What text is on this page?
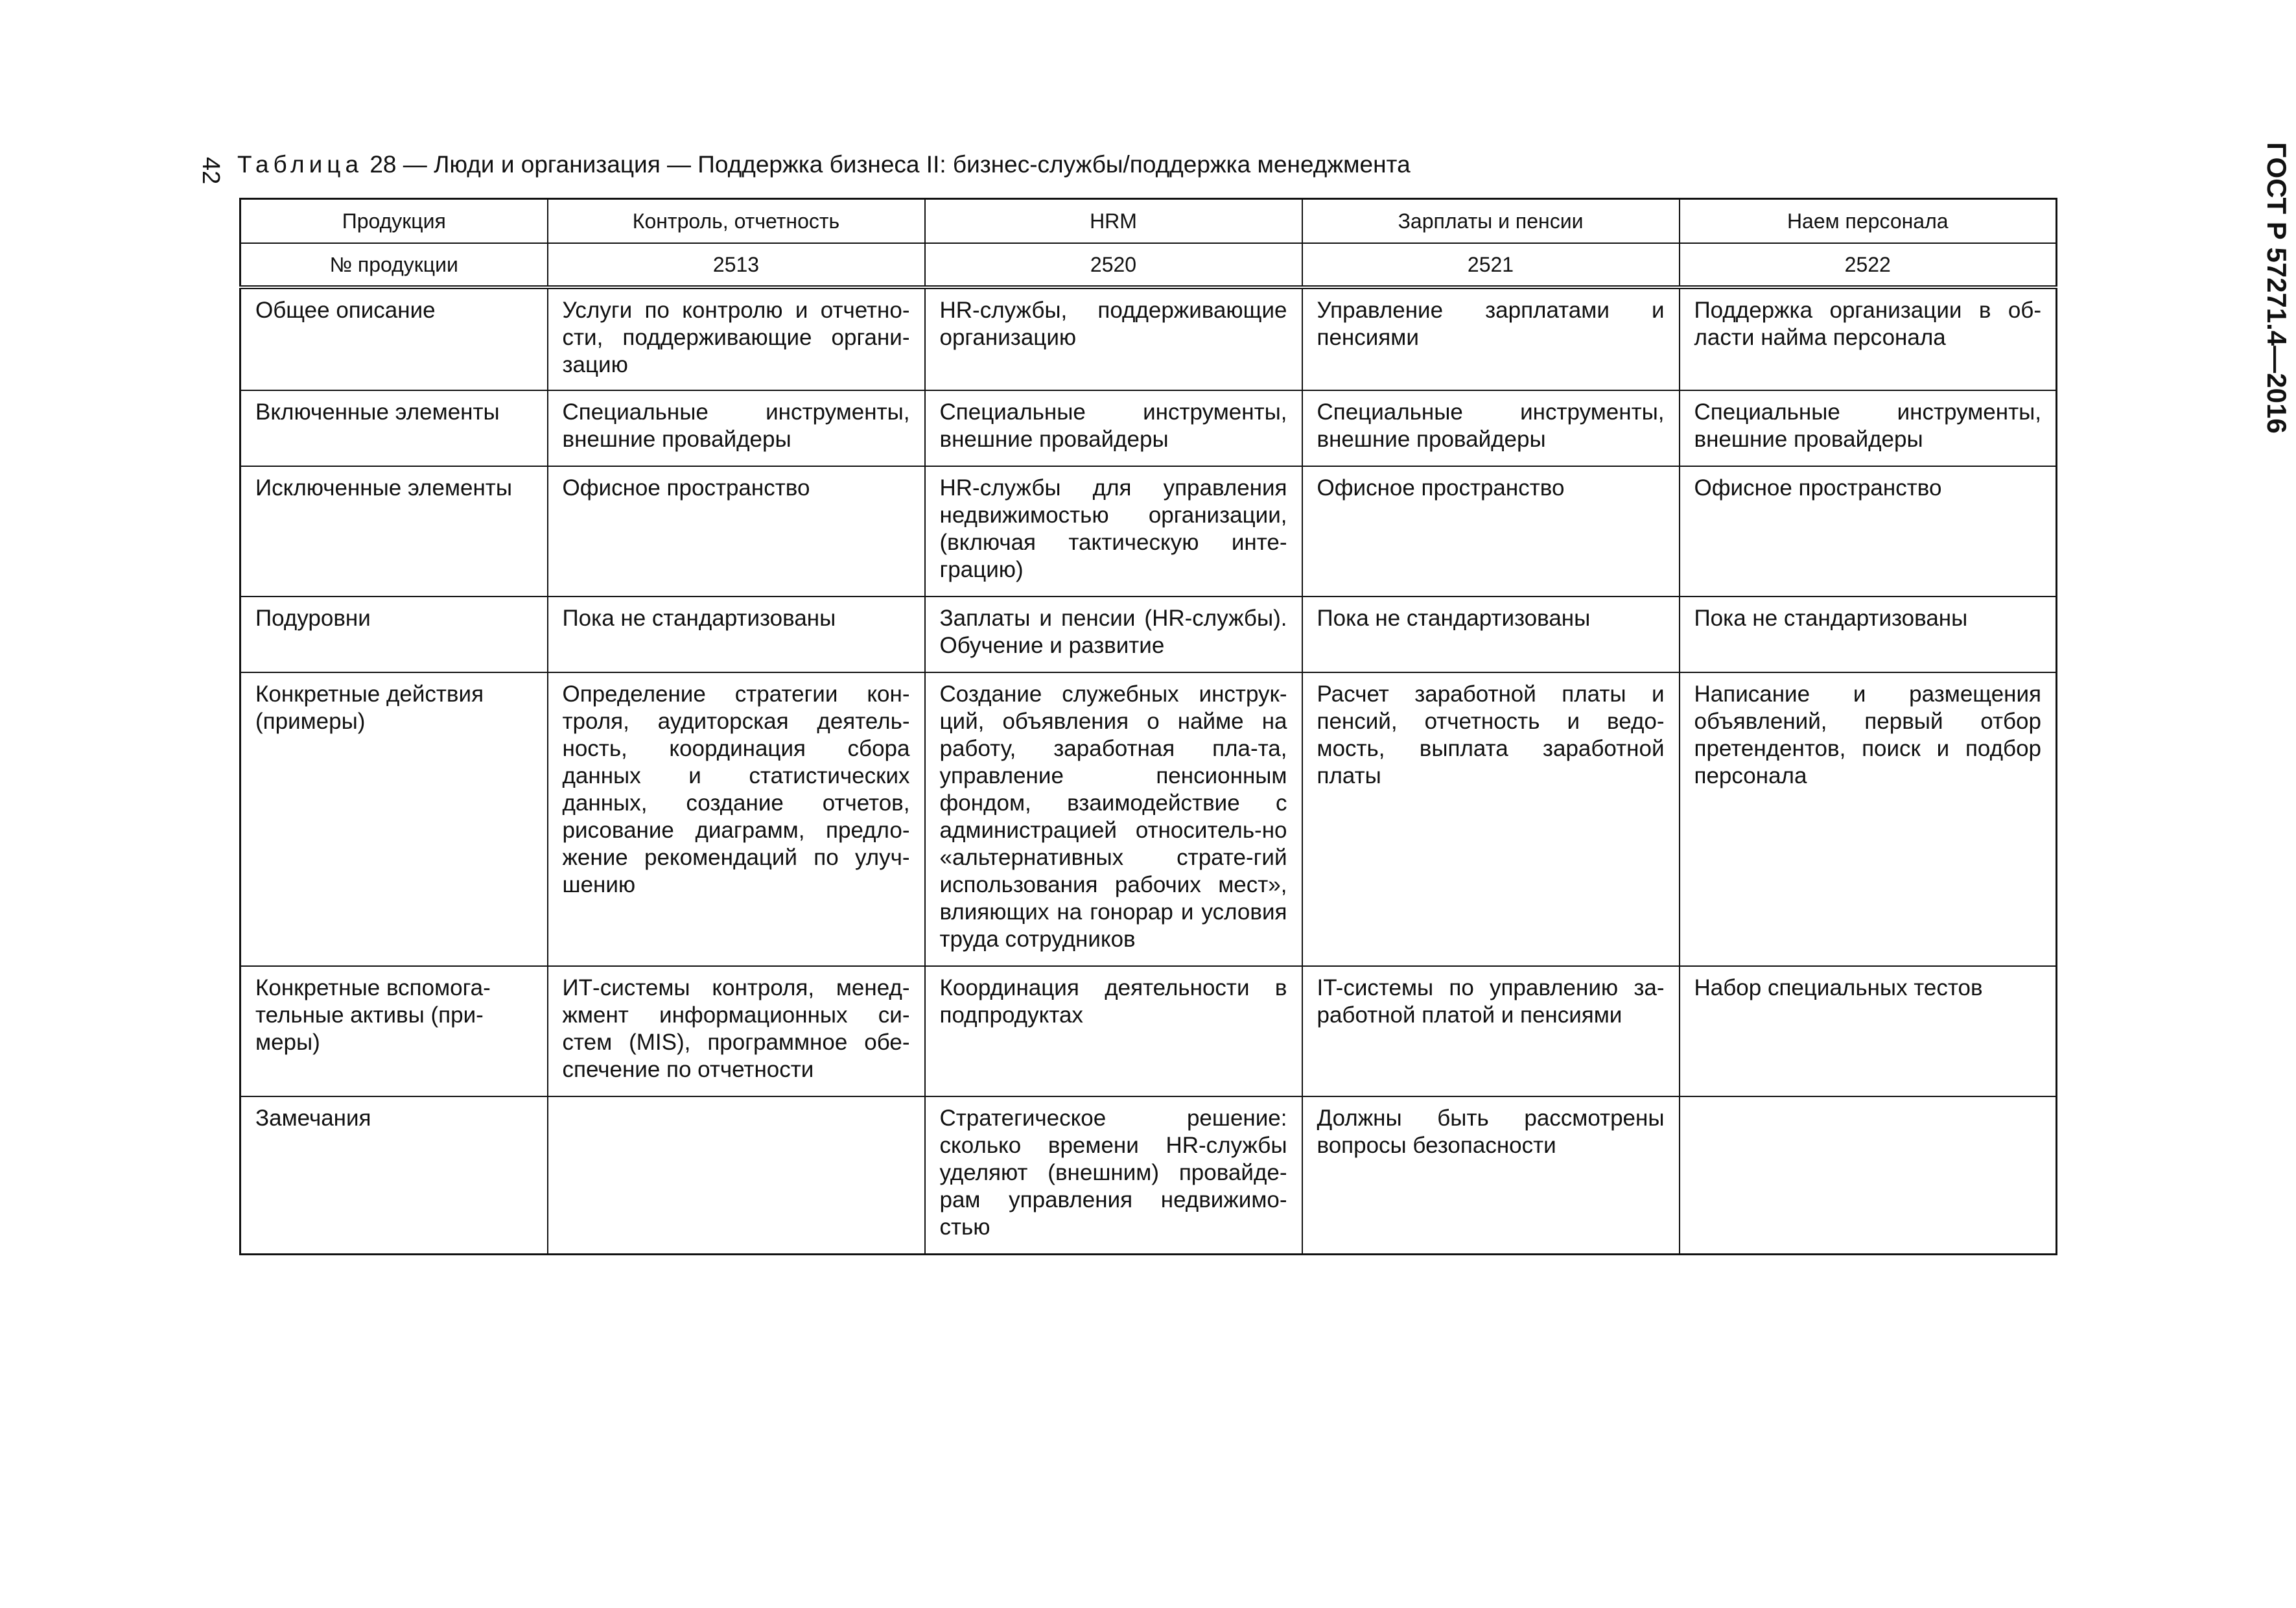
42	ГОСТ Р 57271.4—2016
Таблица 28 — Люди и организация — Поддержка бизнеса II: бизнес-службы/поддержка менеджмента
Продукция	Контроль, отчетность	HRM	Зарплаты и пенсии	Наем персонала
№ продукции	2513	2520	2521	2522
Общее описание	Услуги по контролю и отчетно-сти, поддерживающие органи-зацию	HR-службы, поддерживающие организацию	Управление зарплатами и пенсиями	Поддержка организации в об-ласти найма персонала
Включенные элементы	Специальные инструменты, внешние провайдеры	Специальные инструменты, внешние провайдеры	Специальные инструменты, внешние провайдеры	Специальные инструменты, внешние провайдеры
Исключенные элементы	Офисное пространство	HR-службы для управления недвижимостью организации, (включая тактическую инте-грацию)	Офисное пространство	Офисное пространство
Подуровни	Пока не стандартизованы	Заплаты и пенсии (HR-службы). Обучение и развитие	Пока не стандартизованы	Пока не стандартизованы
Конкретные действия (примеры)	Определение стратегии кон-троля, аудиторская деятель-ность, координация сбора данных и статистических данных, создание отчетов, рисование диаграмм, предло-жение рекомендаций по улуч-шению	Создание служебных инструк-ций, объявления о найме на работу, заработная пла-та, управление пенсионным фондом, взаимодействие с администрацией относитель-но «альтернативных страте-гий использования рабочих мест», влияющих на гонорар и условия труда сотрудников	Расчет заработной платы и пенсий, отчетность и ведо-мость, выплата заработной платы	Написание и размещения объявлений, первый отбор претендентов, поиск и подбор персонала
Конкретные вспомога-тельные активы (при-меры)	ИТ-системы контроля, менед-жмент информационных си-стем (MIS), программное обе-спечение по отчетности	Координация деятельности в подпродуктах	IT-системы по управлению за-работной платой и пенсиями	Набор специальных тестов
Замечания		Стратегическое решение: сколько времени HR-службы уделяют (внешним) провайде-рам управления недвижимо-стью	Должны быть рассмотрены вопросы безопасности	
